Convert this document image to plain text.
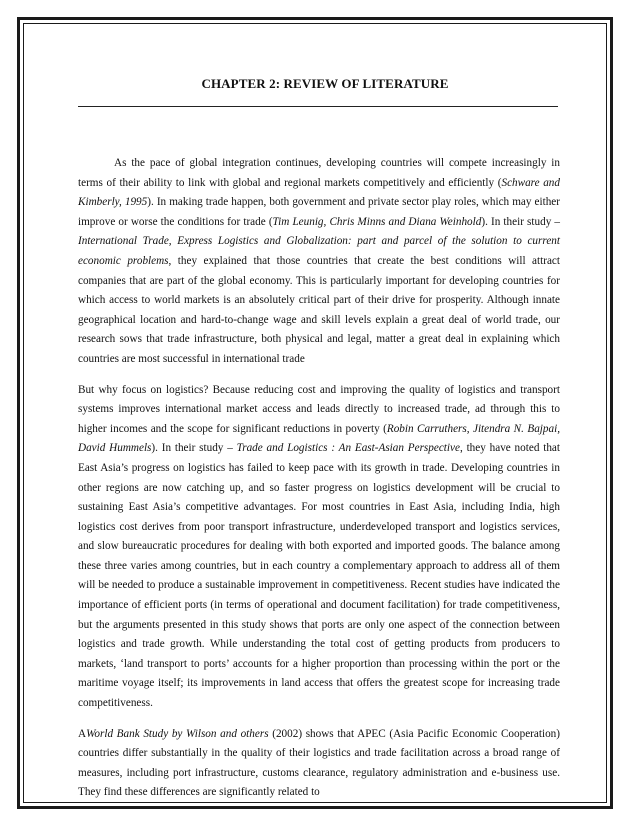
CHAPTER 2: REVIEW OF LITERATURE

As the pace of global integration continues, developing countries will compete increasingly in terms of their ability to link with global and regional markets competitively and efficiently (Schware and Kimberly, 1995). In making trade happen, both government and private sector play roles, which may either improve or worse the conditions for trade (Tim Leunig, Chris Minns and Diana Weinhold). In their study – International Trade, Express Logistics and Globalization: part and parcel of the solution to current economic problems, they explained that those countries that create the best conditions will attract companies that are part of the global economy. This is particularly important for developing countries for which access to world markets is an absolutely critical part of their drive for prosperity. Although innate geographical location and hard-to-change wage and skill levels explain a great deal of world trade, our research sows that trade infrastructure, both physical and legal, matter a great deal in explaining which countries are most successful in international trade

But why focus on logistics? Because reducing cost and improving the quality of logistics and transport systems improves international market access and leads directly to increased trade, ad through this to higher incomes and the scope for significant reductions in poverty (Robin Carruthers, Jitendra N. Bajpai, David Hummels). In their study – Trade and Logistics : An East-Asian Perspective, they have noted that East Asia’s progress on logistics has failed to keep pace with its growth in trade. Developing countries in other regions are now catching up, and so faster progress on logistics development will be crucial to sustaining East Asia’s competitive advantages. For most countries in East Asia, including India, high logistics cost derives from poor transport infrastructure, underdeveloped transport and logistics services, and slow bureaucratic procedures for dealing with both exported and imported goods. The balance among these three varies among countries, but in each country a complementary approach to address all of them will be needed to produce a sustainable improvement in competitiveness. Recent studies have indicated the importance of efficient ports (in terms of operational and document facilitation) for trade competitiveness, but the arguments presented in this study shows that ports are only one aspect of the connection between logistics and trade growth. While understanding the total cost of getting products from producers to markets, ‘land transport to ports’ accounts for a higher proportion than processing within the port or the maritime voyage itself; its improvements in land access that offers the greatest scope for increasing trade competitiveness.

AWorld Bank Study by Wilson and others (2002) shows that APEC (Asia Pacific Economic Cooperation) countries differ substantially in the quality of their logistics and trade facilitation across a broad range of measures, including port infrastructure, customs clearance, regulatory administration and e-business use. They find these differences are significantly related to
